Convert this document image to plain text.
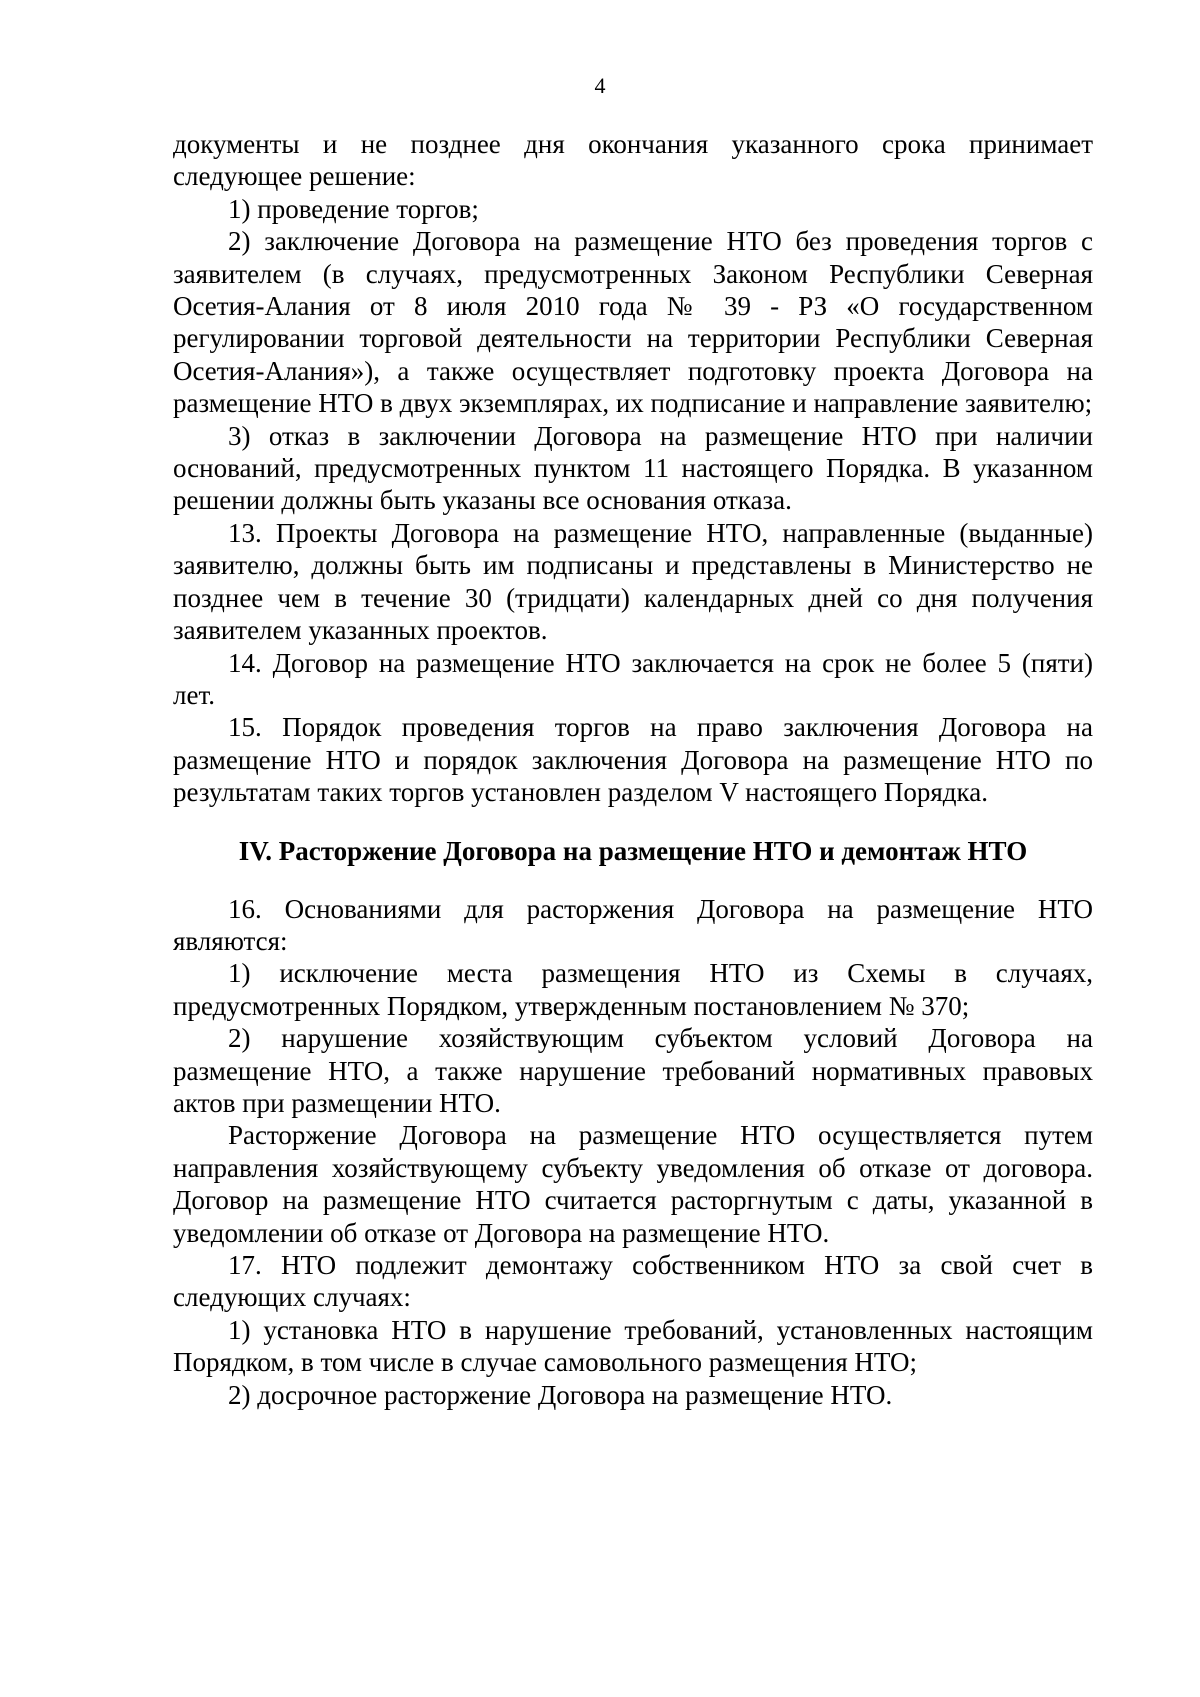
4

документы и не позднее дня окончания указанного срока принимает следующее решение:

1) проведение торгов;

2) заключение Договора на размещение НТО без проведения торгов с заявителем (в случаях, предусмотренных Законом Республики Северная Осетия-Алания от 8 июля 2010 года № 39 - РЗ «О государственном регулировании торговой деятельности на территории Республики Северная Осетия-Алания»), а также осуществляет подготовку проекта Договора на размещение НТО в двух экземплярах, их подписание и направление заявителю;

3) отказ в заключении Договора на размещение НТО при наличии оснований, предусмотренных пунктом 11 настоящего Порядка. В указанном решении должны быть указаны все основания отказа.

13. Проекты Договора на размещение НТО, направленные (выданные) заявителю, должны быть им подписаны и представлены в Министерство не позднее чем в течение 30 (тридцати) календарных дней со дня получения заявителем указанных проектов.

14. Договор на размещение НТО заключается на срок не более 5 (пяти) лет.

15. Порядок проведения торгов на право заключения Договора на размещение НТО и порядок заключения Договора на размещение НТО по результатам таких торгов установлен разделом V настоящего Порядка.

IV. Расторжение Договора на размещение НТО и демонтаж НТО

16. Основаниями для расторжения Договора на размещение НТО являются:

1) исключение места размещения НТО из Схемы в случаях, предусмотренных Порядком, утвержденным постановлением № 370;

2) нарушение хозяйствующим субъектом условий Договора на размещение НТО, а также нарушение требований нормативных правовых актов при размещении НТО.

Расторжение Договора на размещение НТО осуществляется путем направления хозяйствующему субъекту уведомления об отказе от договора. Договор на размещение НТО считается расторгнутым с даты, указанной в уведомлении об отказе от Договора на размещение НТО.

17. НТО подлежит демонтажу собственником НТО за свой счет в следующих случаях:

1) установка НТО в нарушение требований, установленных настоящим Порядком, в том числе в случае самовольного размещения НТО;

2) досрочное расторжение Договора на размещение НТО.
